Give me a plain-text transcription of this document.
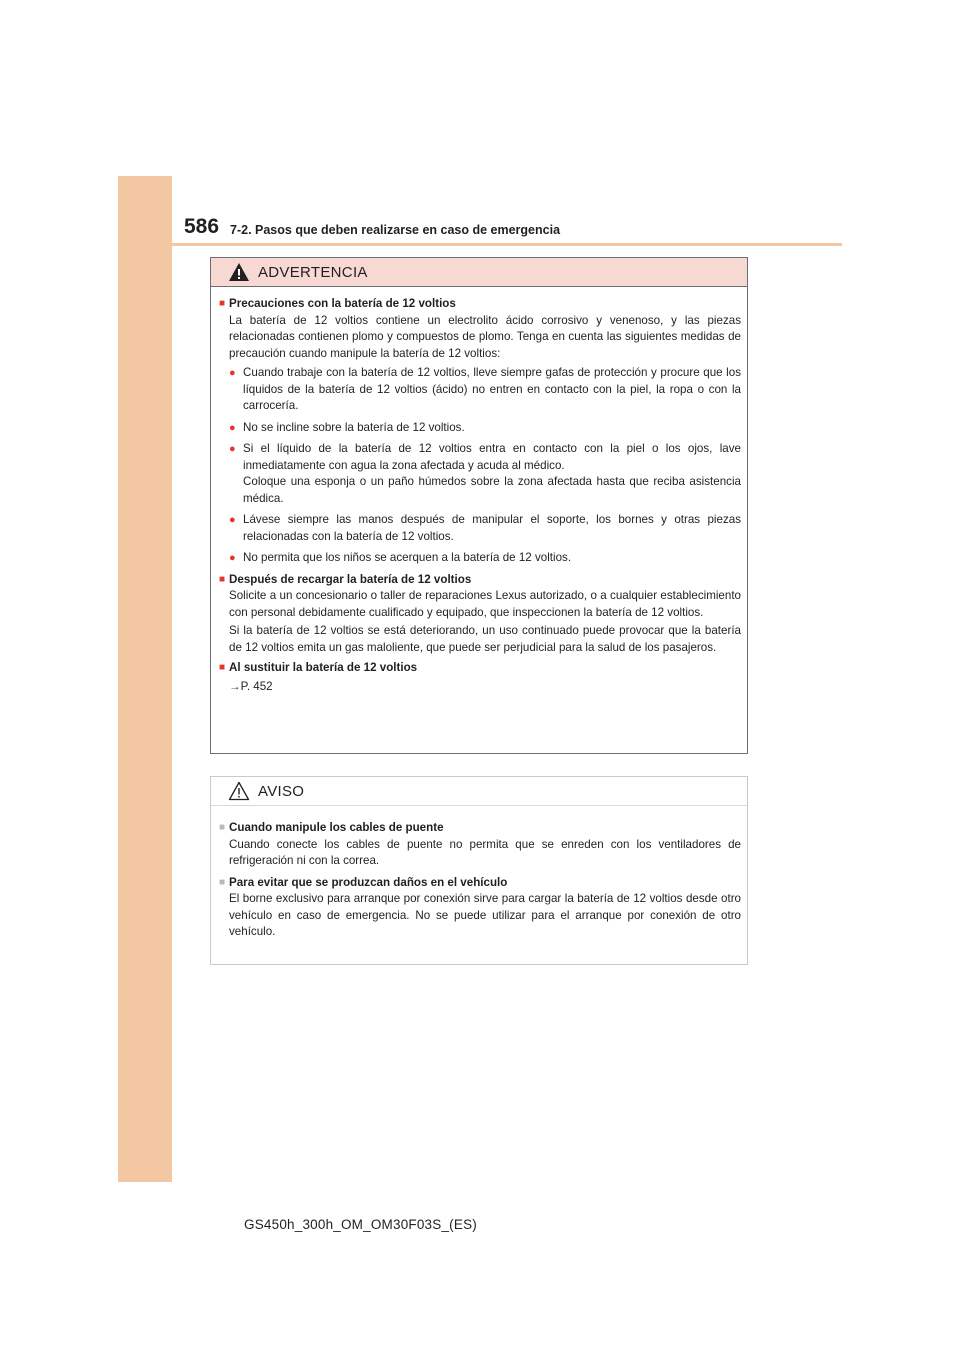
586 7-2. Pasos que deben realizarse en caso de emergencia
ADVERTENCIA
■ Precauciones con la batería de 12 voltios

La batería de 12 voltios contiene un electrolito ácido corrosivo y venenoso, y las piezas relacionadas contienen plomo y compuestos de plomo. Tenga en cuenta las siguientes medidas de precaución cuando manipule la batería de 12 voltios:

● Cuando trabaje con la batería de 12 voltios, lleve siempre gafas de protección y procure que los líquidos de la batería de 12 voltios (ácido) no entren en contacto con la piel, la ropa o con la carrocería.

● No se incline sobre la batería de 12 voltios.

● Si el líquido de la batería de 12 voltios entra en contacto con la piel o los ojos, lave inmediatamente con agua la zona afectada y acuda al médico.

Coloque una esponja o un paño húmedos sobre la zona afectada hasta que reciba asistencia médica.

● Lávese siempre las manos después de manipular el soporte, los bornes y otras piezas relacionadas con la batería de 12 voltios.

● No permita que los niños se acerquen a la batería de 12 voltios.

■ Después de recargar la batería de 12 voltios

Solicite a un concesionario o taller de reparaciones Lexus autorizado, o a cualquier establecimiento con personal debidamente cualificado y equipado, que inspeccionen la batería de 12 voltios.

Si la batería de 12 voltios se está deteriorando, un uso continuado puede provocar que la batería de 12 voltios emita un gas maloliente, que puede ser perjudicial para la salud de los pasajeros.

■ Al sustituir la batería de 12 voltios

→P. 452

AVISO
■ Cuando manipule los cables de puente

Cuando conecte los cables de puente no permita que se enreden con los ventiladores de refrigeración ni con la correa.

■ Para evitar que se produzcan daños en el vehículo

El borne exclusivo para arranque por conexión sirve para cargar la batería de 12 voltios desde otro vehículo en caso de emergencia. No se puede utilizar para el arranque por conexión de otro vehículo.

GS450h_300h_OM_OM30F03S_(ES)
